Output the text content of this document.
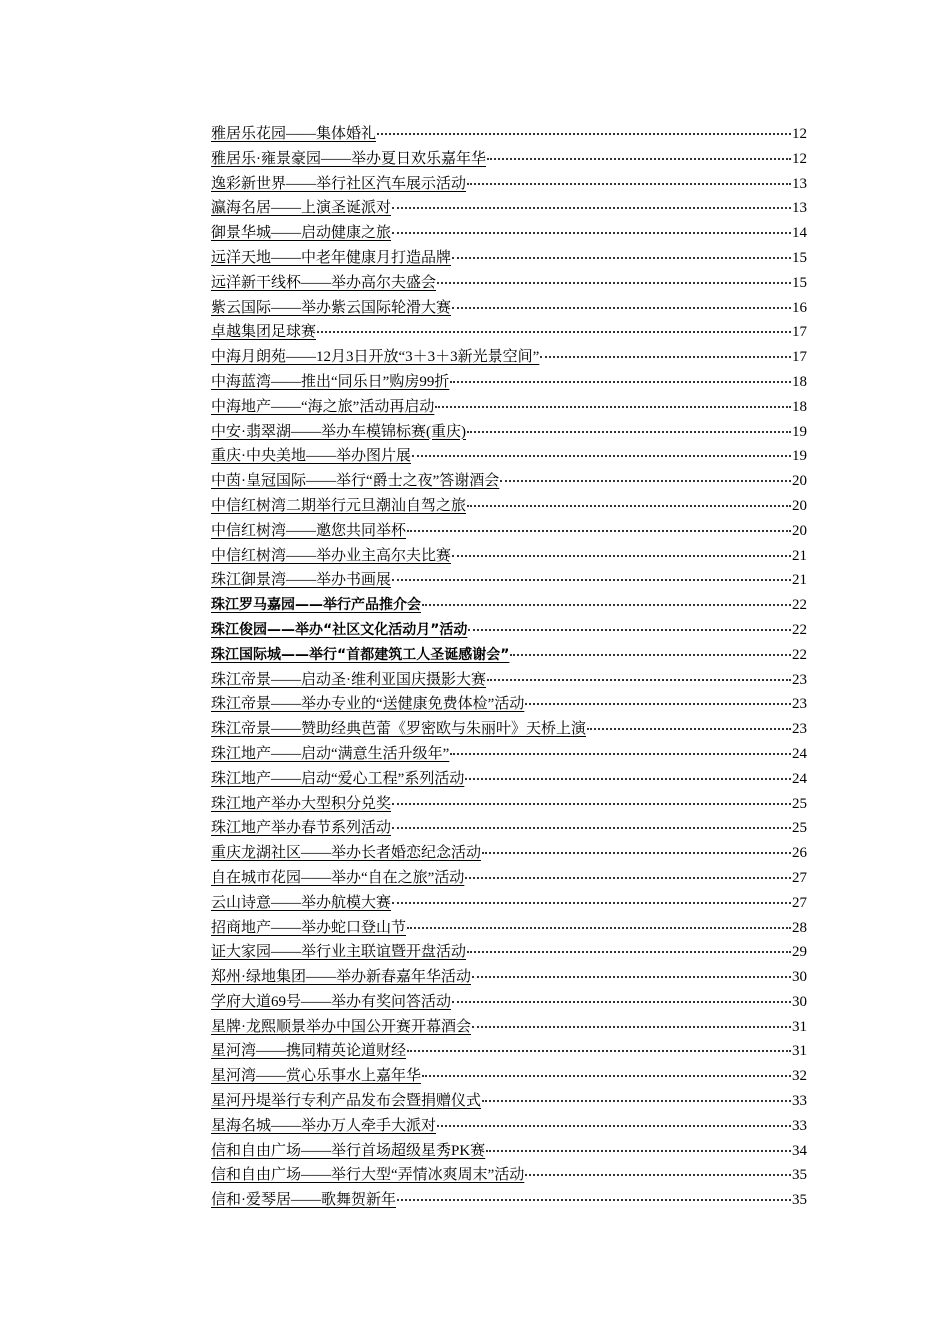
雅居乐花园——集体婚礼	12
雅居乐·雍景豪园——举办夏日欢乐嘉年华	12
逸彩新世界——举行社区汽车展示活动	13
瀛海名居——上演圣诞派对	13
御景华城——启动健康之旅	14
远洋天地——中老年健康月打造品牌	15
远洋新干线杯——举办高尔夫盛会	15
紫云国际——举办紫云国际轮滑大赛	16
卓越集团足球赛	17
中海月朗苑——12月3日开放“3＋3＋3新光景空间”	17
中海蓝湾——推出“同乐日”购房99折	18
中海地产——“海之旅”活动再启动	18
中安·翡翠湖——举办车模锦标赛(重庆)	19
重庆·中央美地——举办图片展	19
中茵·皇冠国际——举行“爵士之夜”答谢酒会	20
中信红树湾二期举行元旦潮汕自驾之旅	20
中信红树湾——邀您共同举杯	20
中信红树湾——举办业主高尔夫比赛	21
珠江御景湾——举办书画展	21
珠江罗马嘉园——举行产品推介会	22
珠江俊园——举办“社区文化活动月”活动	22
珠江国际城——举行“首都建筑工人圣诞感谢会”	22
珠江帝景——启动圣·维利亚国庆摄影大赛	23
珠江帝景——举办专业的“送健康免费体检”活动	23
珠江帝景——赞助经典芭蕾《罗密欧与朱丽叶》天桥上演	23
珠江地产——启动“满意生活升级年”	24
珠江地产——启动“爱心工程”系列活动	24
珠江地产举办大型积分兑奖	25
珠江地产举办春节系列活动	25
重庆龙湖社区——举办长者婚恋纪念活动	26
自在城市花园——举办“自在之旅”活动	27
云山诗意——举办航模大赛	27
招商地产——举办蛇口登山节	28
证大家园——举行业主联谊暨开盘活动	29
郑州·绿地集团——举办新春嘉年华活动	30
学府大道69号——举办有奖问答活动	30
星牌·龙熙顺景举办中国公开赛开幕酒会	31
星河湾——携同精英论道财经	31
星河湾——赏心乐事水上嘉年华	32
星河丹堤举行专利产品发布会暨捐赠仪式	33
星海名城——举办万人牵手大派对	33
信和自由广场——举行首场超级星秀PK赛	34
信和自由广场——举行大型“弄情冰爽周末”活动	35
信和·爱琴居——歌舞贺新年	35
